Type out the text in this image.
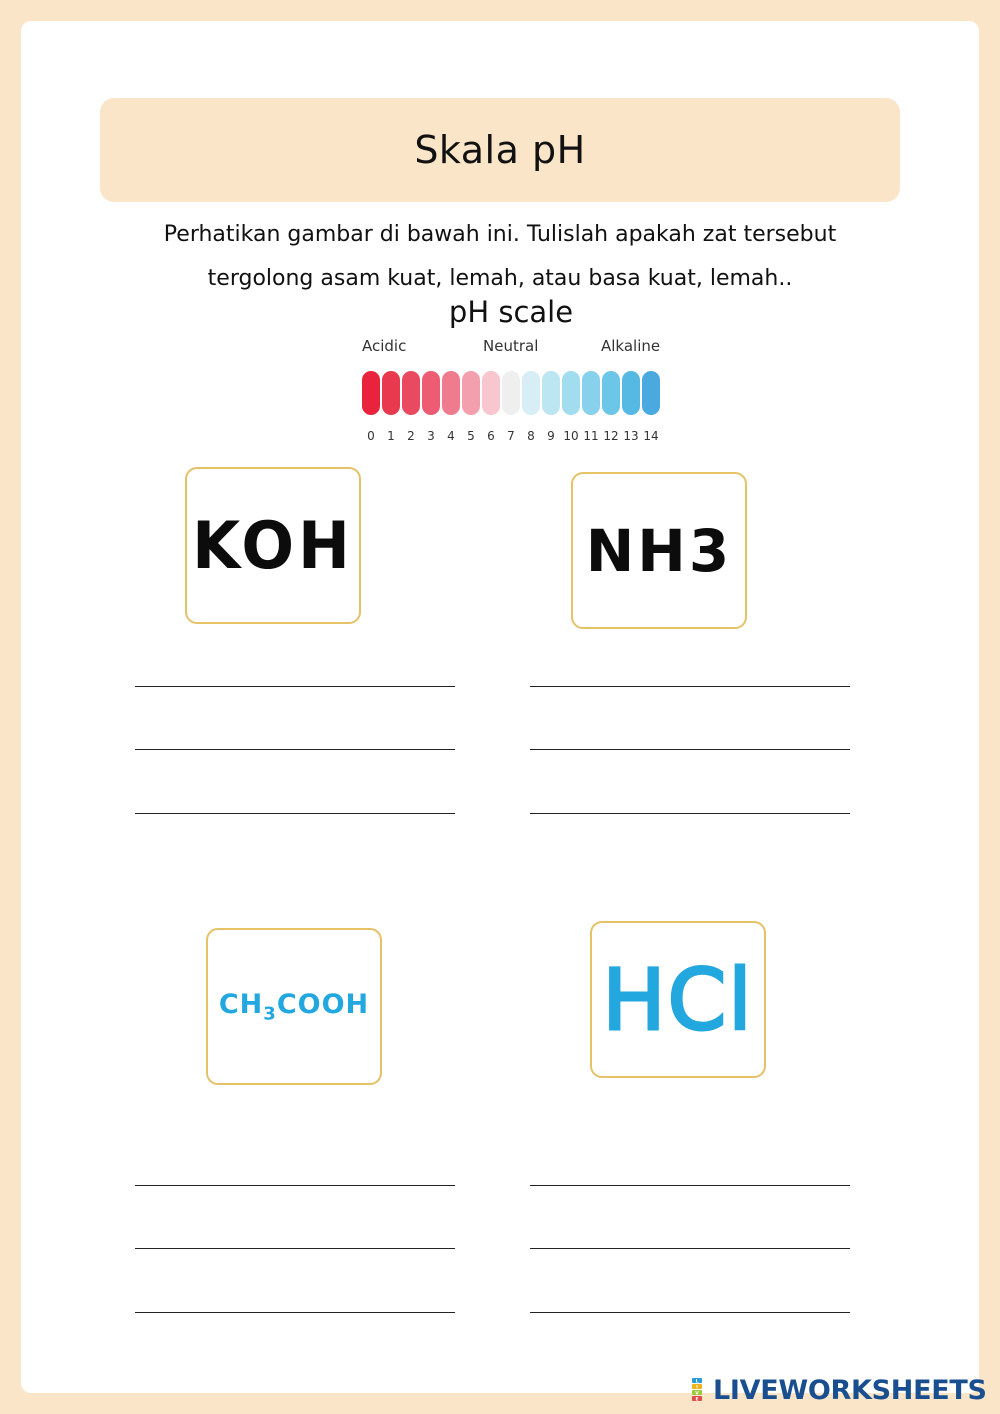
Skala pH
Perhatikan gambar di bawah ini. Tulislah apakah zat tersebut
tergolong asam kuat, lemah, atau basa kuat, lemah..
pH scale
Acidic	Neutral	Alkaline
0	1	2	3	4	5	6	7	8	9 10 11 12 13 14
KOH	NH3
$CH_3COOH$	HCl
L
I
V
E LIVEWORKSHEETS
